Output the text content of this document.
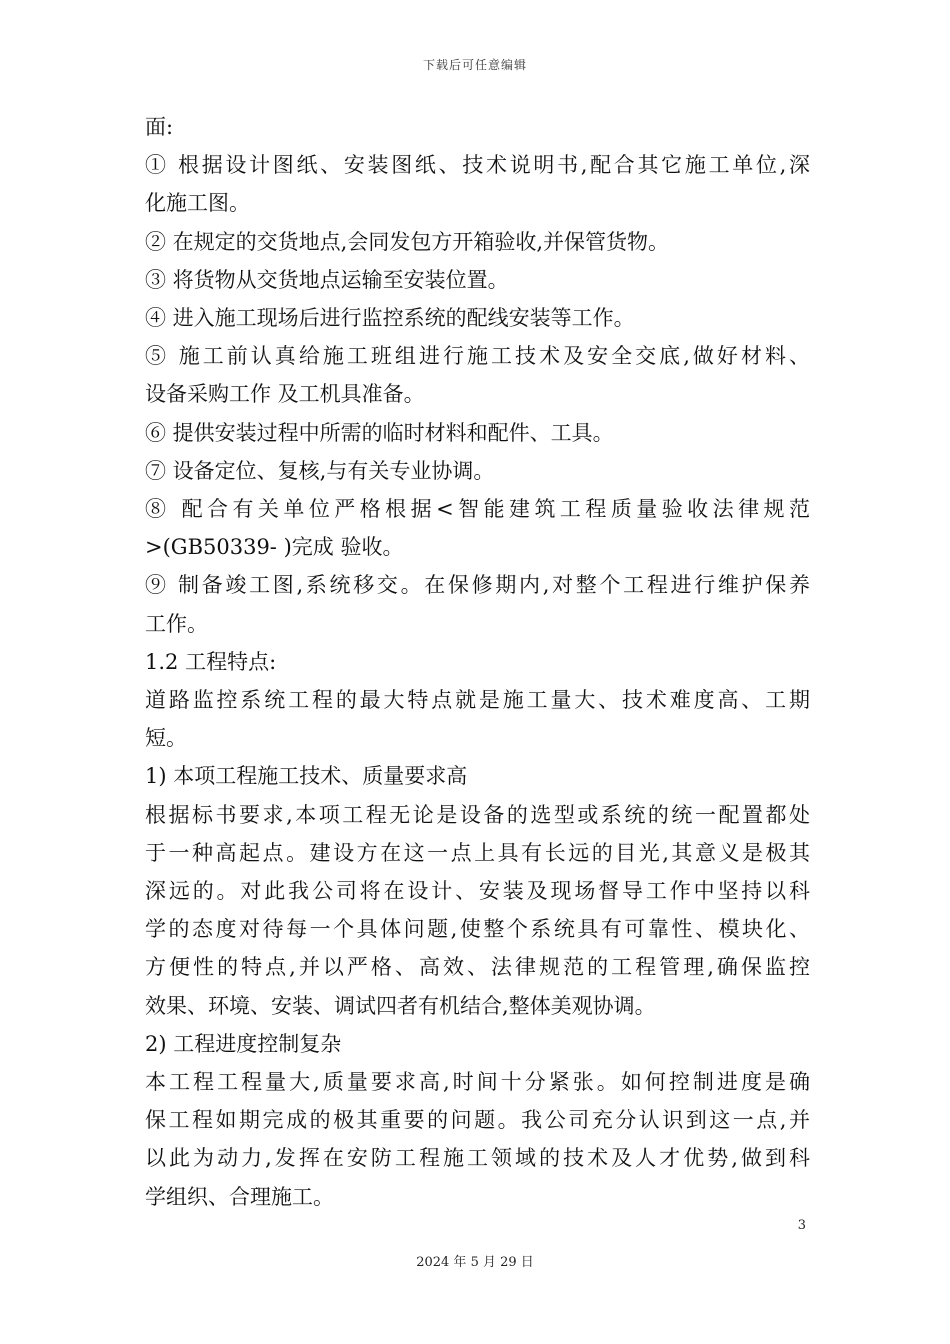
下载后可任意编辑
面:
① 根据设计图纸、安装图纸、技术说明书,配合其它施工单位,深
化施工图。
② 在规定的交货地点,会同发包方开箱验收,并保管货物。
③ 将货物从交货地点运输至安装位置。
④ 进入施工现场后进行监控系统的配线安装等工作。
⑤ 施工前认真给施工班组进行施工技术及安全交底,做好材料、
设备采购工作 及工机具准备。
⑥ 提供安装过程中所需的临时材料和配件、工具。
⑦ 设备定位、复核,与有关专业协调。
⑧ 配合有关单位严格根据<智能建筑工程质量验收法律规范
>(GB50339- )完成 验收。
⑨ 制备竣工图,系统移交。在保修期内,对整个工程进行维护保养
工作。
1.2 工程特点:
道路监控系统工程的最大特点就是施工量大、技术难度高、工期
短。
1) 本项工程施工技术、质量要求高
根据标书要求,本项工程无论是设备的选型或系统的统一配置都处
于一种高起点。建设方在这一点上具有长远的目光,其意义是极其
深远的。对此我公司将在设计、安装及现场督导工作中坚持以科
学的态度对待每一个具体问题,使整个系统具有可靠性、模块化、
方便性的特点,并以严格、高效、法律规范的工程管理,确保监控
效果、环境、安装、调试四者有机结合,整体美观协调。
2) 工程进度控制复杂
本工程工程量大,质量要求高,时间十分紧张。如何控制进度是确
保工程如期完成的极其重要的问题。我公司充分认识到这一点,并
以此为动力,发挥在安防工程施工领域的技术及人才优势,做到科
学组织、合理施工。
3
2024 年 5 月 29 日
